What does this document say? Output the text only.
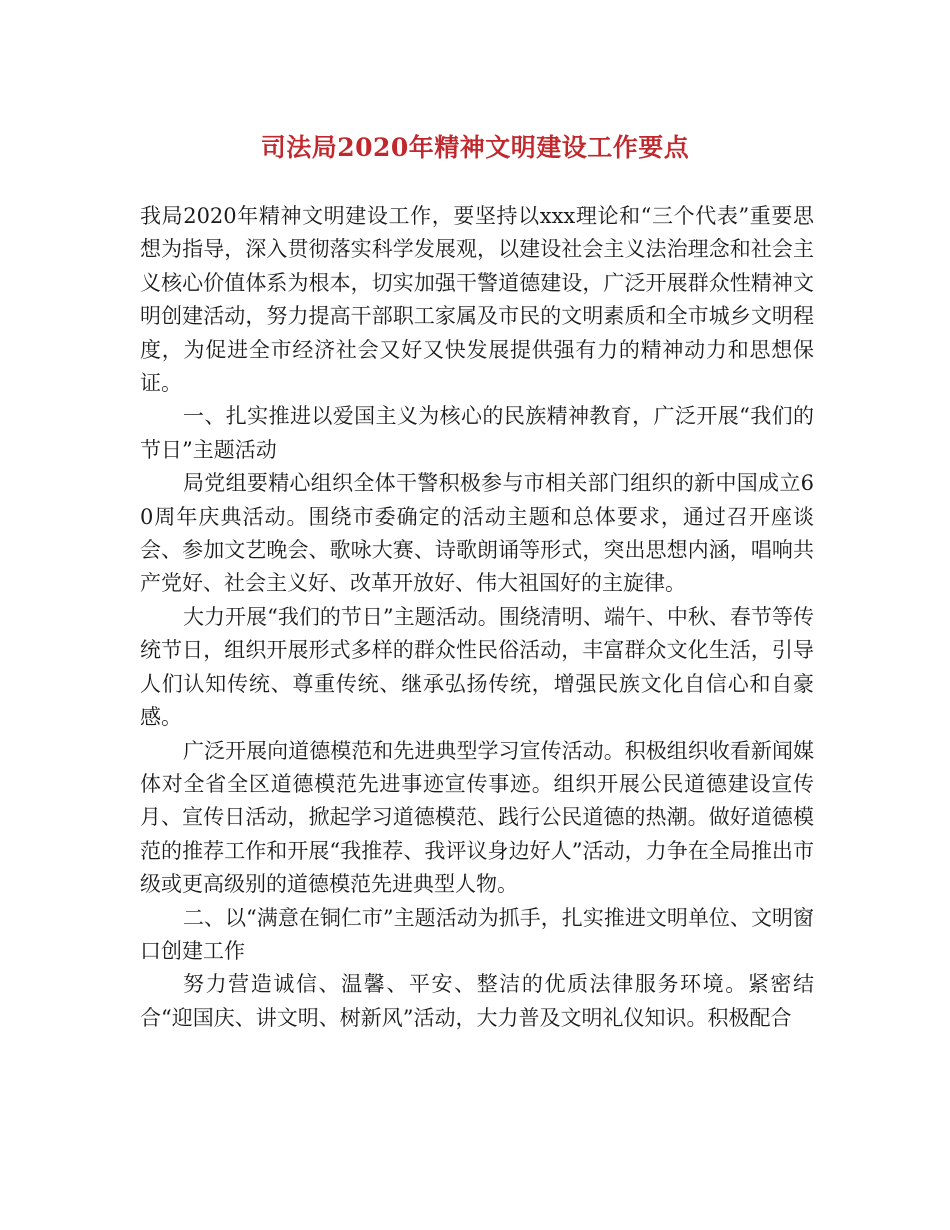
司法局2020年精神文明建设工作要点

我局2020年精神文明建设工作，要坚持以xxx理论和“三个代表”重要思想为指导，深入贯彻落实科学发展观，以建设社会主义法治理念和社会主义核心价值体系为根本，切实加强干警道德建设，广泛开展群众性精神文明创建活动，努力提高干部职工家属及市民的文明素质和全市城乡文明程度，为促进全市经济社会又好又快发展提供强有力的精神动力和思想保证。

一、扎实推进以爱国主义为核心的民族精神教育，广泛开展“我们的节日”主题活动

局党组要精心组织全体干警积极参与市相关部门组织的新中国成立60周年庆典活动。围绕市委确定的活动主题和总体要求，通过召开座谈会、参加文艺晚会、歌咏大赛、诗歌朗诵等形式，突出思想内涵，唱响共产党好、社会主义好、改革开放好、伟大祖国好的主旋律。

大力开展“我们的节日”主题活动。围绕清明、端午、中秋、春节等传统节日，组织开展形式多样的群众性民俗活动，丰富群众文化生活，引导人们认知传统、尊重传统、继承弘扬传统，增强民族文化自信心和自豪感。

广泛开展向道德模范和先进典型学习宣传活动。积极组织收看新闻媒体对全省全区道德模范先进事迹宣传事迹。组织开展公民道德建设宣传月、宣传日活动，掀起学习道德模范、践行公民道德的热潮。做好道德模范的推荐工作和开展“我推荐、我评议身边好人”活动，力争在全局推出市级或更高级别的道德模范先进典型人物。

二、以“满意在铜仁市”主题活动为抓手，扎实推进文明单位、文明窗口创建工作

努力营造诚信、温馨、平安、整洁的优质法律服务环境。紧密结合“迎国庆、讲文明、树新风”活动，大力普及文明礼仪知识。积极配合
